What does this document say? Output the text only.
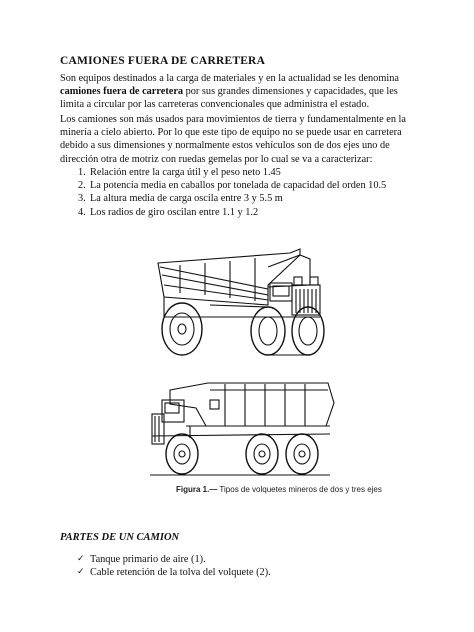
CAMIONES FUERA DE CARRETERA

Son equipos destinados a la carga de materiales y en la actualidad se les denomina camiones fuera de carretera por sus grandes dimensiones y capacidades, que les limita a circular por las carreteras convencionales que administra el estado.

Los camiones son más usados para movimientos de tierra y fundamentalmente en la minería a cielo abierto. Por lo que este tipo de equipo no se puede usar en carretera debido a sus dimensiones y normalmente estos vehículos son de dos ejes uno de dirección otra de motriz con ruedas gemelas por lo cual se va a caracterizar:

1. Relación entre la carga útil y el peso neto 1.45
2. La potencia media en caballos por tonelada de capacidad del orden 10.5
3. La altura media de carga oscila entre 3 y 5.5 m
4. Los radios de giro oscilan entre 1.1 y 1.2
Figura 1.— Tipos de volquetes mineros de dos y tres ejes
PARTES DE UN CAMION
✓ Tanque primario de aire (1).
✓ Cable retención de la tolva del volquete (2).
